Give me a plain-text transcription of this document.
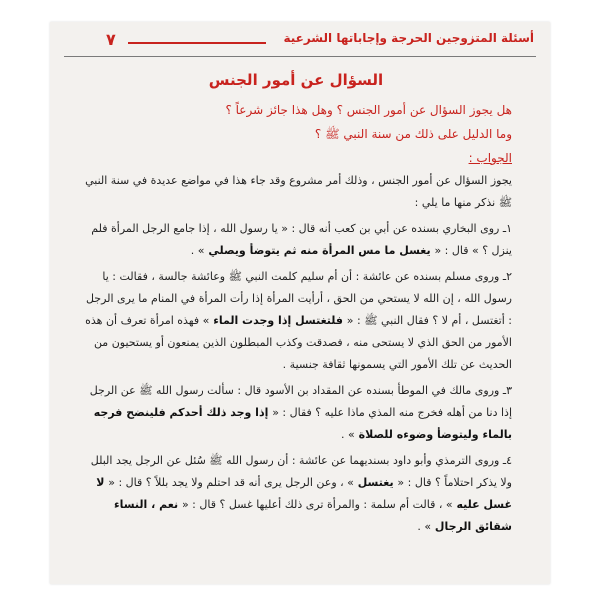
٧	أسئلة المتزوجين الحرجة وإجاباتها الشرعية
السؤال عن أمور الجنس
هل يجوز السؤال عن أمور الجنس ؟ وهل هذا جائز شرعاً ؟
وما الدليل على ذلك من سنة النبي ﷺ ؟
الجواب :

يجوز السؤال عن أمور الجنس ، وذلك أمر مشروع وقد جاء هذا في مواضع عديدة في سنة النبي ﷺ نذكر منها ما يلي :

١ـ روى البخاري بسنده عن أبي بن كعب أنه قال : « يا رسول الله ، إذا جامع الرجل المرأة فلم ينزل ؟ » قال : « يغسل ما مس المرأة منه ثم يتوضأ ويصلي » .

٢ـ وروى مسلم بسنده عن عائشة : أن أم سليم كلمت النبي ﷺ وعائشة جالسة ، فقالت : يا رسول الله ، إن الله لا يستحي من الحق ، أرأيت المرأة إذا رأت المرأة في المنام ما يرى الرجل : أتغتسل ، أم لا ؟ فقال النبي ﷺ : « فلتغتسل إذا وجدت الماء » فهذه امرأة تعرف أن هذه الأمور من الحق الذي لا يستحى منه ، فصدقت وكذب المبطلون الذين يمنعون أو يستحيون من الحديث عن تلك الأمور التي يسمونها ثقافة جنسية .

٣ـ وروى مالك في الموطأ بسنده عن المقداد بن الأسود قال : سألت رسول الله ﷺ عن الرجل إذا دنا من أهله فخرج منه المذي ماذا عليه ؟ فقال : « إذا وجد ذلك أحدكم فلينضح فرجه بالماء وليتوضأ وضوءه للصلاة » .

٤ـ وروى الترمذي وأبو داود بسنديهما عن عائشة : أن رسول الله ﷺ سُئل عن الرجل يجد البلل ولا يذكر احتلاماً ؟ قال : « يغتسل » ، وعن الرجل يرى أنه قد احتلم ولا يجد بللاً ؟ قال : « لا غسل عليه » ، قالت أم سلمة : والمرأة ترى ذلك أعليها غسل ؟ قال : « نعم ، النساء شقائق الرجال » .
